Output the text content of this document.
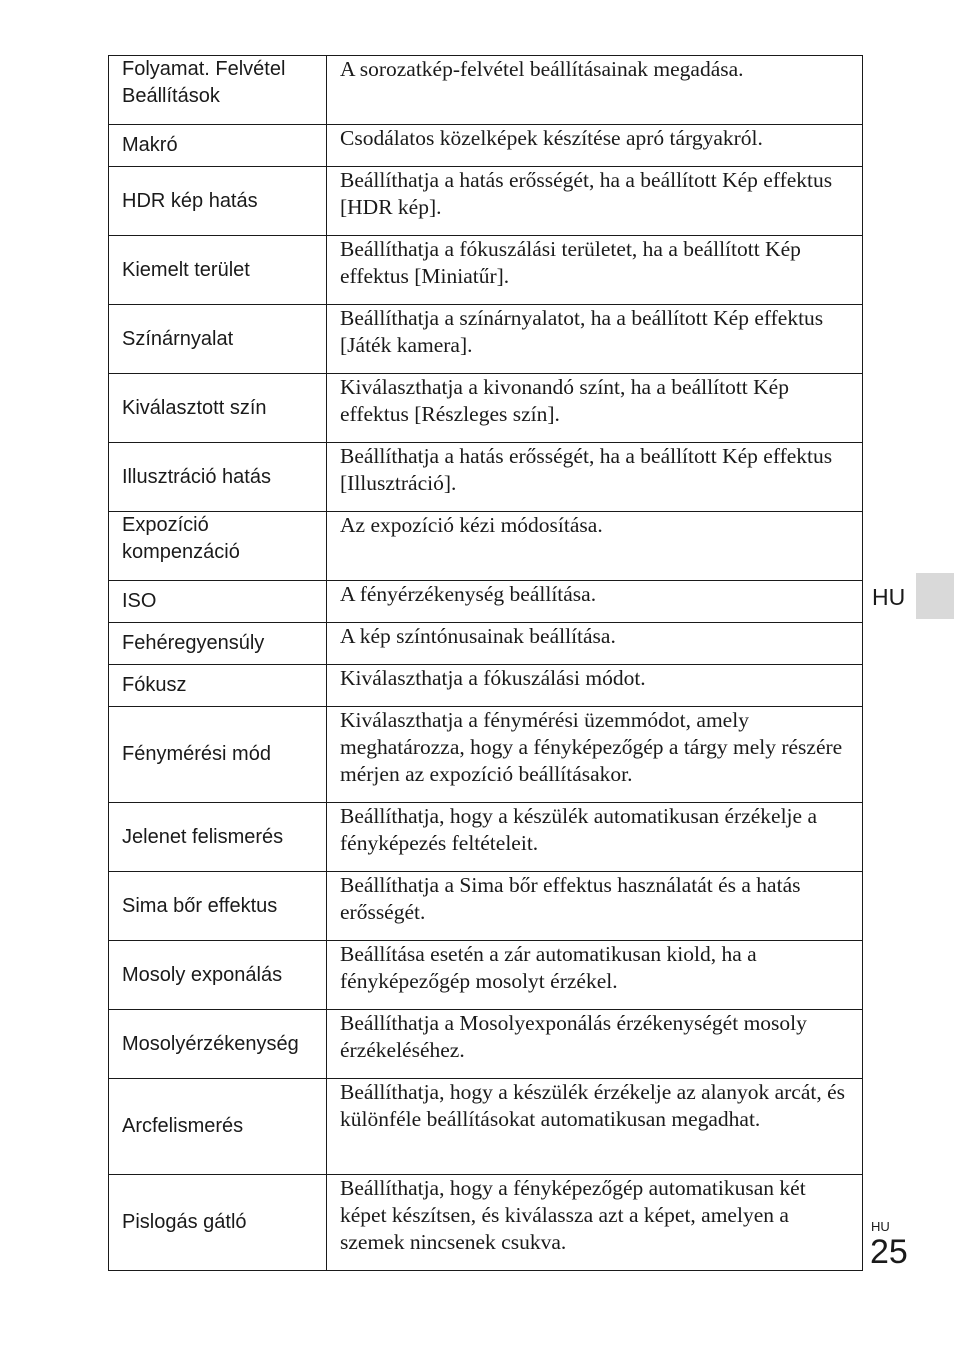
Folyamat. Felvétel Beállítások	A sorozatkép-felvétel beállításainak megadása.
Makró	Csodálatos közelképek készítése apró tárgyakról.
HDR kép hatás	Beállíthatja a hatás erősségét, ha a beállított Kép effektus [HDR kép].
Kiemelt terület	Beállíthatja a fókuszálási területet, ha a beállított Kép effektus [Miniatűr].
Színárnyalat	Beállíthatja a színárnyalatot, ha a beállított Kép effektus [Játék kamera].
Kiválasztott szín	Kiválaszthatja a kivonandó színt, ha a beállított Kép effektus [Részleges szín].
Illusztráció hatás	Beállíthatja a hatás erősségét, ha a beállított Kép effektus [Illusztráció].
Expozíció kompenzáció	Az expozíció kézi módosítása.
ISO	A fényérzékenység beállítása.
Fehéregyensúly	A kép színtónusainak beállítása.
Fókusz	Kiválaszthatja a fókuszálási módot.
Fénymérési mód	Kiválaszthatja a fénymérési üzemmódot, amely meghatározza, hogy a fényképezőgép a tárgy mely részére mérjen az expozíció beállításakor.
Jelenet felismerés	Beállíthatja, hogy a készülék automatikusan érzékelje a fényképezés feltételeit.
Sima bőr effektus	Beállíthatja a Sima bőr effektus használatát és a hatás erősségét.
Mosoly exponálás	Beállítása esetén a zár automatikusan kiold, ha a fényképezőgép mosolyt érzékel.
Mosolyérzékenység	Beállíthatja a Mosolyexponálás érzékenységét mosoly érzékeléséhez.
Arcfelismerés	Beállíthatja, hogy a készülék érzékelje az alanyok arcát, és különféle beállításokat automatikusan megadhat.
Pislogás gátló	Beállíthatja, hogy a fényképezőgép automatikusan két képet készítsen, és kiválassza azt a képet, amelyen a szemek nincsenek csukva.
HU
HU
25
